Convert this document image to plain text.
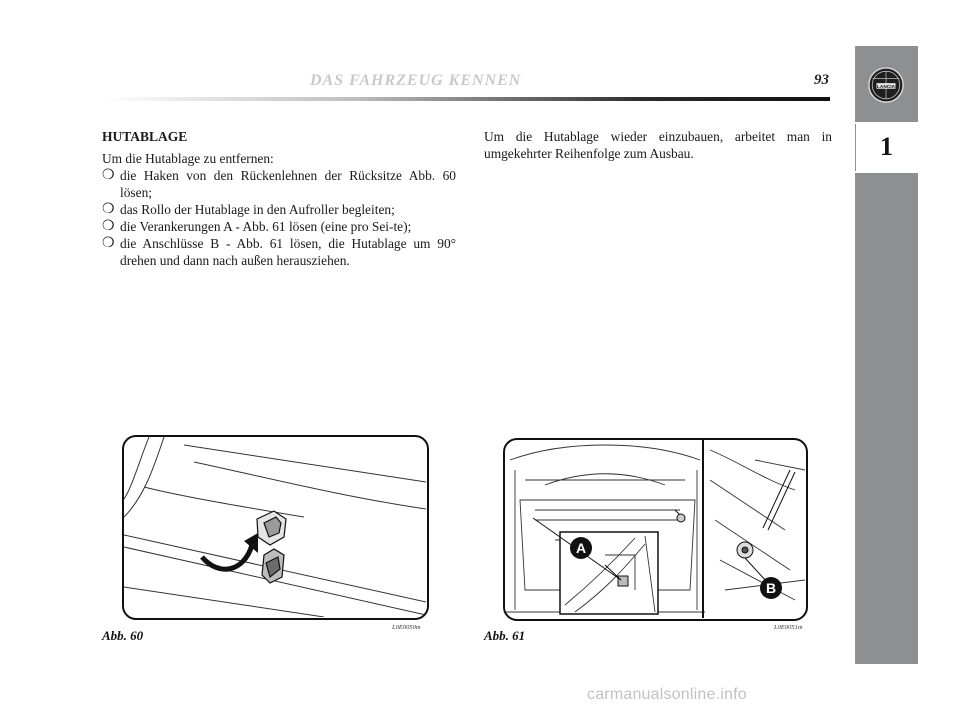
DAS FAHRZEUG KENNEN	93
1
LANCIA
HUTABLAGE
Um die Hutablage zu entfernen:
❍ die Haken von den Rückenlehnen der Rücksitze Abb. 60 lösen;
❍ das Rollo der Hutablage in den Aufroller begleiten;
❍ die Verankerungen A - Abb. 61 lösen (eine pro Sei-te);
❍ die Anschlüsse B - Abb. 61 lösen, die Hutablage um 90° drehen und dann nach außen herausziehen.

Um die Hutablage wieder einzubauen, arbeitet man in umgekehrter Reihenfolge zum Ausbau.

Abb. 60
L0E0050m
A
B
Abb. 61
L0E0051m
carmanualsonline.info
